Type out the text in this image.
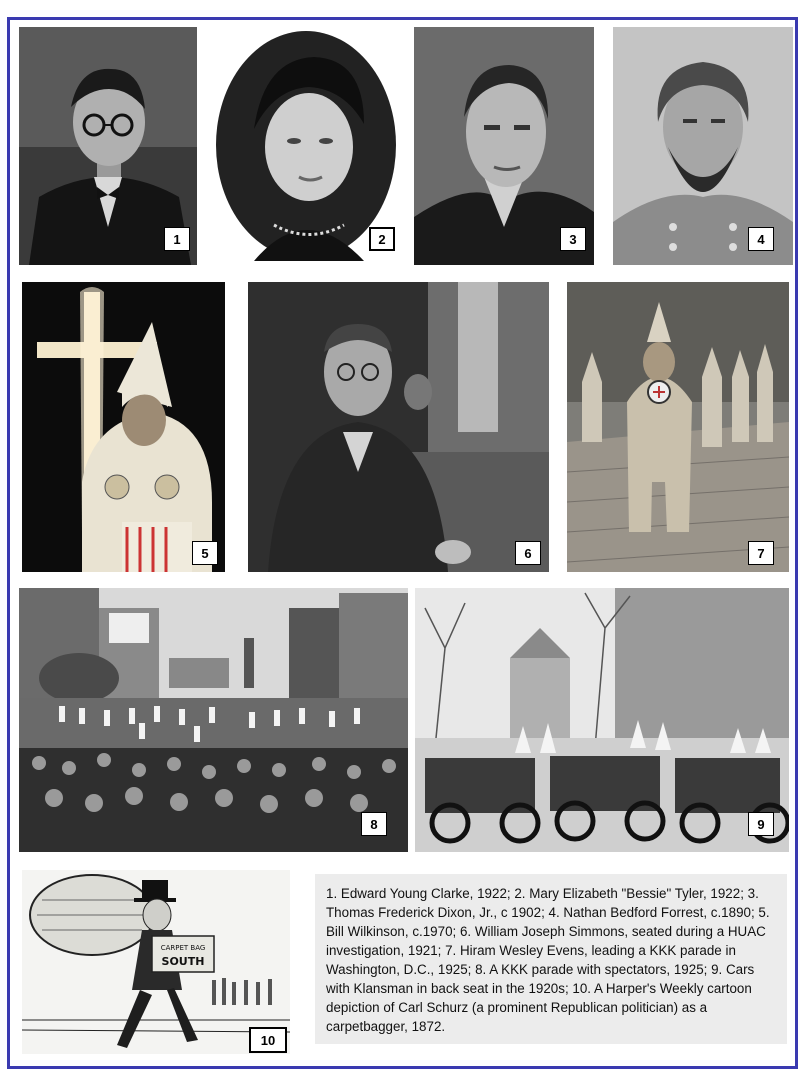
1	2	3	4
5	6	7
8	9
CARPET BAG
SOUTH
10
1. Edward Young Clarke, 1922; 2. Mary Elizabeth "Bessie" Tyler, 1922; 3. Thomas Frederick Dixon, Jr., c 1902; 4. Nathan Bedford Forrest, c.1890; 5. Bill Wilkinson, c.1970; 6. William Joseph Simmons, seated during a HUAC investigation, 1921; 7. Hiram Wesley Evens, leading a KKK parade in Washington, D.C., 1925; 8. A KKK parade with spectators, 1925; 9. Cars with Klansman in back seat in the 1920s; 10. A Harper's Weekly cartoon depiction of Carl Schurz (a prominent Republican politician) as a carpetbagger, 1872.
